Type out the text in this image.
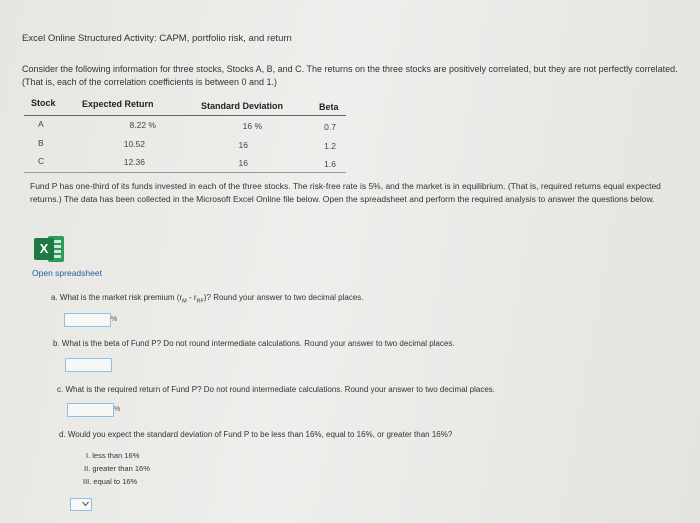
Excel Online Structured Activity: CAPM, portfolio risk, and return
Consider the following information for three stocks, Stocks A, B, and C. The returns on the three stocks are positively correlated, but they are not perfectly correlated. (That is, each of the correlation coefficients is between 0 and 1.)
Stock	Expected Return	Standard Deviation	Beta
A	8.22 %	16 %	0.7
B	10.52	16	1.2
C	12.36	16	1.6
Fund P has one-third of its funds invested in each of the three stocks. The risk-free rate is 5%, and the market is in equilibrium. (That is, required returns equal expected returns.) The data has been collected in the Microsoft Excel Online file below. Open the spreadsheet and perform the required analysis to answer the questions below.
X
Open spreadsheet
a. What is the market risk premium $(r_M - r_{RF})$? Round your answer to two decimal places.
%
b. What is the beta of Fund P? Do not round intermediate calculations. Round your answer to two decimal places.
c. What is the required return of Fund P? Do not round intermediate calculations. Round your answer to two decimal places.
%
d. Would you expect the standard deviation of Fund P to be less than 16%, equal to 16%, or greater than 16%?
I. less than 16%
II. greater than 16%
III. equal to 16%
